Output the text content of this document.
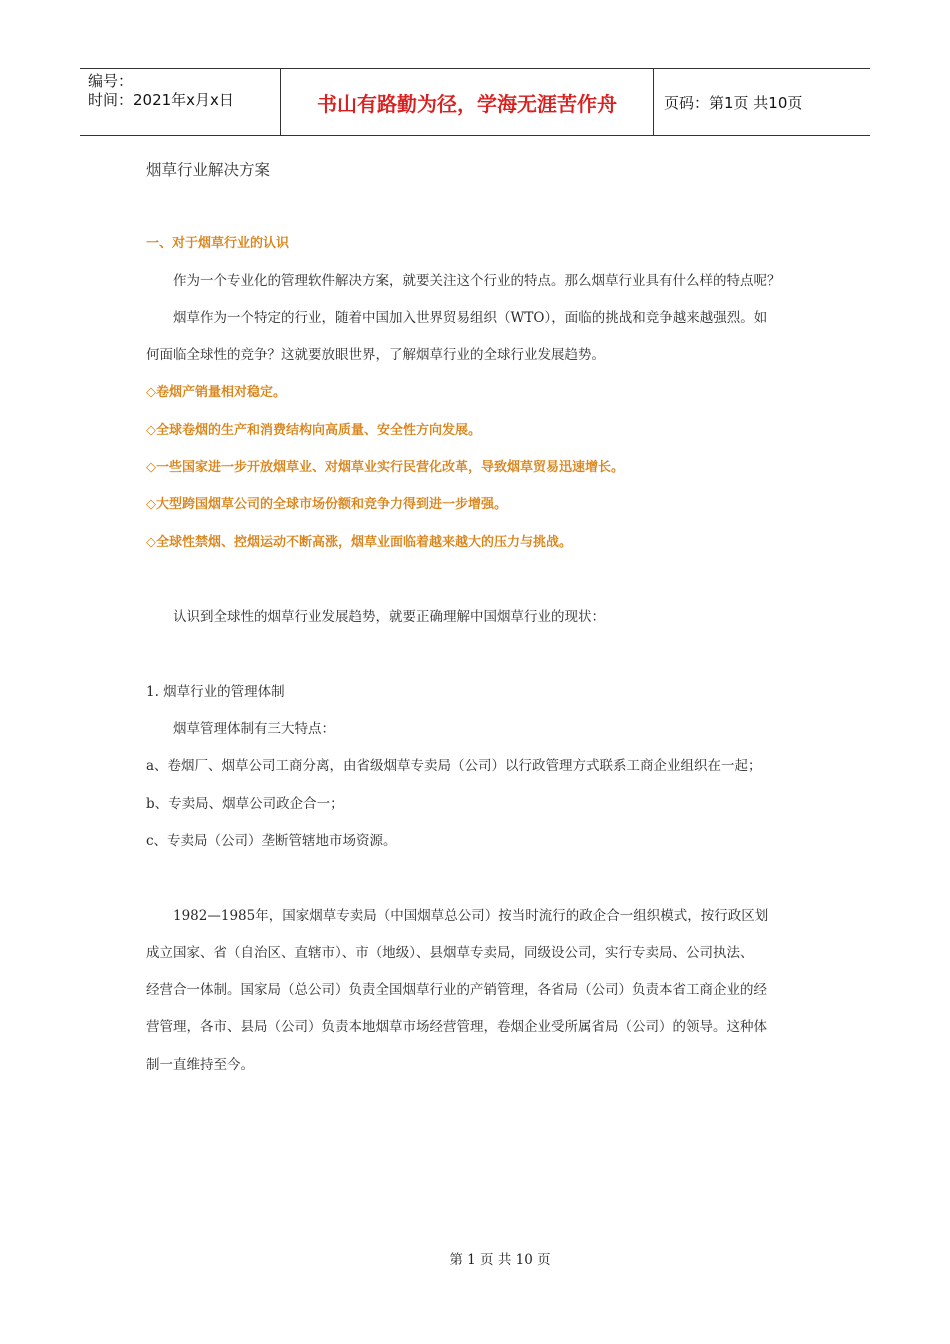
编号：
时间：2021年x月x日	书山有路勤为径，学海无涯苦作舟	页码：第1页 共10页
烟草行业解决方案
一、对于烟草行业的认识
作为一个专业化的管理软件解决方案，就要关注这个行业的特点。那么烟草行业具有什么样的特点呢？
烟草作为一个特定的行业，随着中国加入世界贸易组织（WTO），面临的挑战和竞争越来越强烈。如
何面临全球性的竞争？这就要放眼世界，了解烟草行业的全球行业发展趋势。
◇卷烟产销量相对稳定。
◇全球卷烟的生产和消费结构向高质量、安全性方向发展。
◇一些国家进一步开放烟草业、对烟草业实行民营化改革，导致烟草贸易迅速增长。
◇大型跨国烟草公司的全球市场份额和竞争力得到进一步增强。
◇全球性禁烟、控烟运动不断高涨，烟草业面临着越来越大的压力与挑战。
认识到全球性的烟草行业发展趋势，就要正确理解中国烟草行业的现状：
1. 烟草行业的管理体制
烟草管理体制有三大特点：
a、卷烟厂、烟草公司工商分离，由省级烟草专卖局（公司）以行政管理方式联系工商企业组织在一起；
b、专卖局、烟草公司政企合一；
c、专卖局（公司）垄断管辖地市场资源。
1982—1985年，国家烟草专卖局（中国烟草总公司）按当时流行的政企合一组织模式，按行政区划
成立国家、省（自治区、直辖市）、市（地级）、县烟草专卖局，同级设公司，实行专卖局、公司执法、
经营合一体制。国家局（总公司）负责全国烟草行业的产销管理，各省局（公司）负责本省工商企业的经
营管理，各市、县局（公司）负责本地烟草市场经营管理，卷烟企业受所属省局（公司）的领导。这种体
制一直维持至今。
第 1 页 共 10 页
